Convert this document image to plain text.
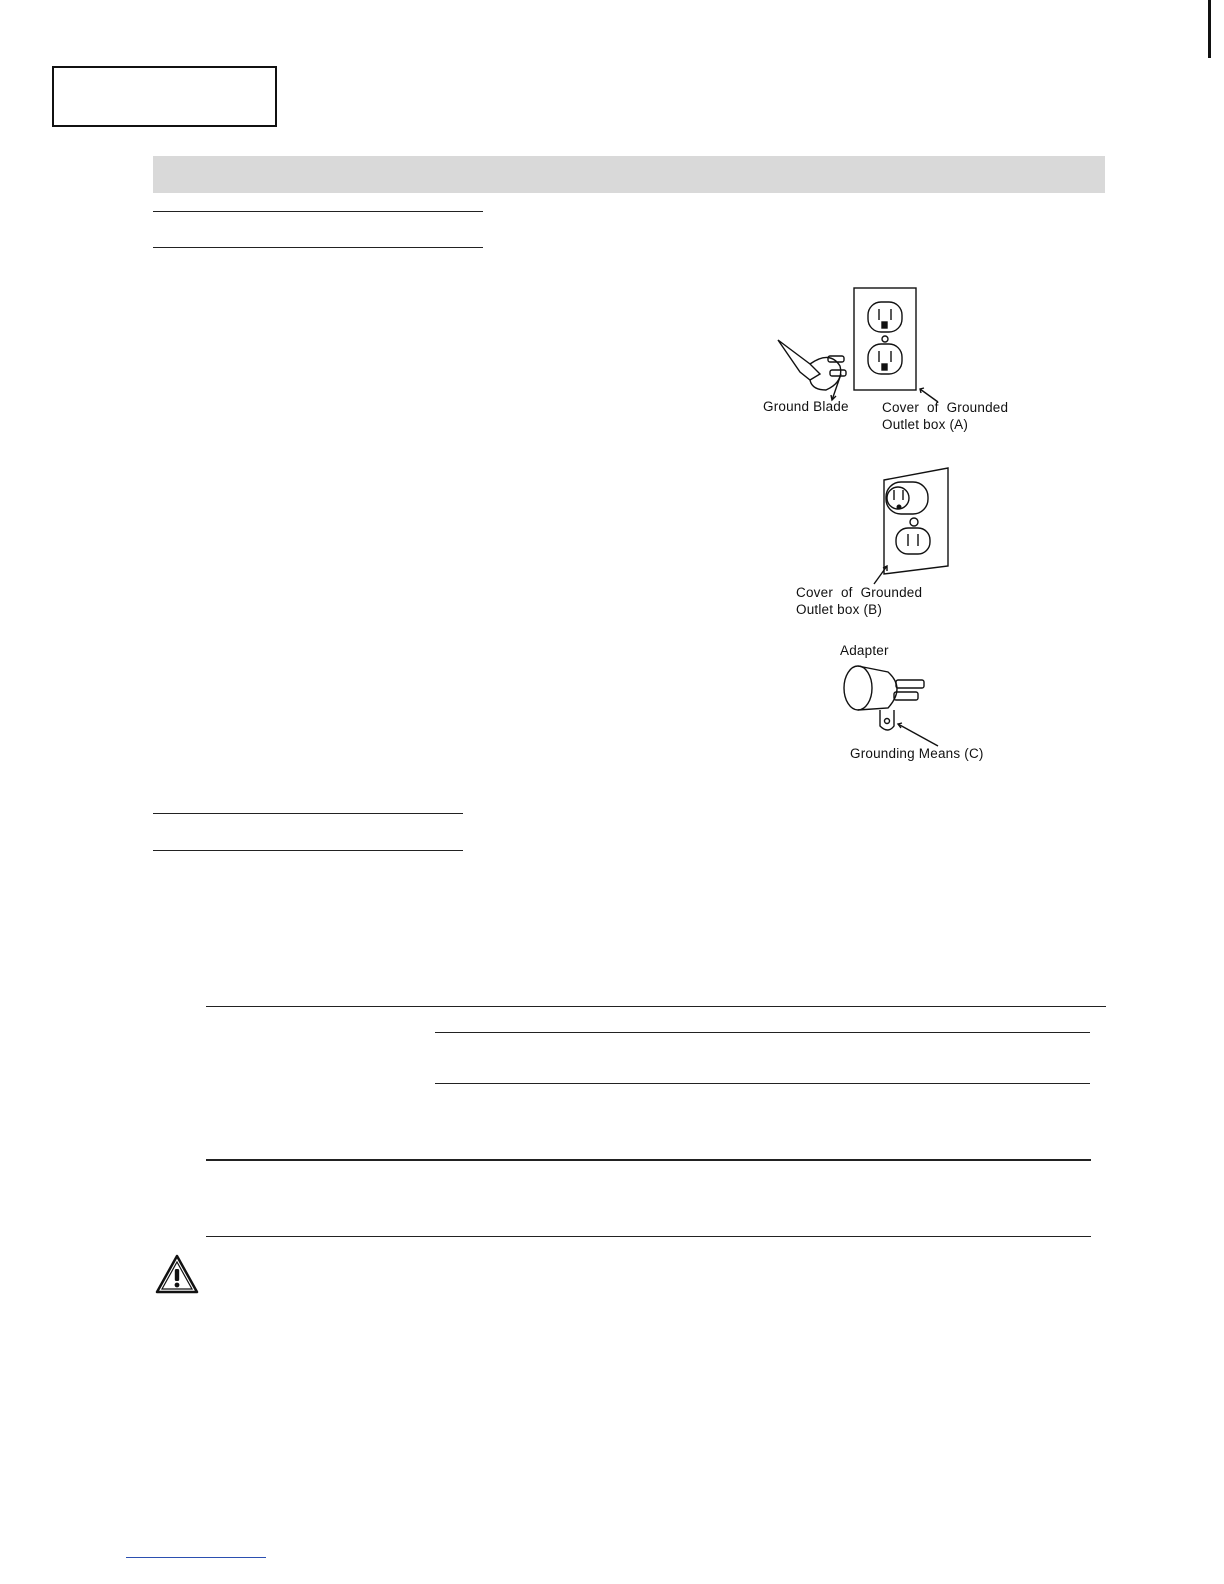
Ground Blade Cover of Grounded
Outlet box (A)
Cover of Grounded
Outlet box (B)
Adapter
Grounding Means (C)
